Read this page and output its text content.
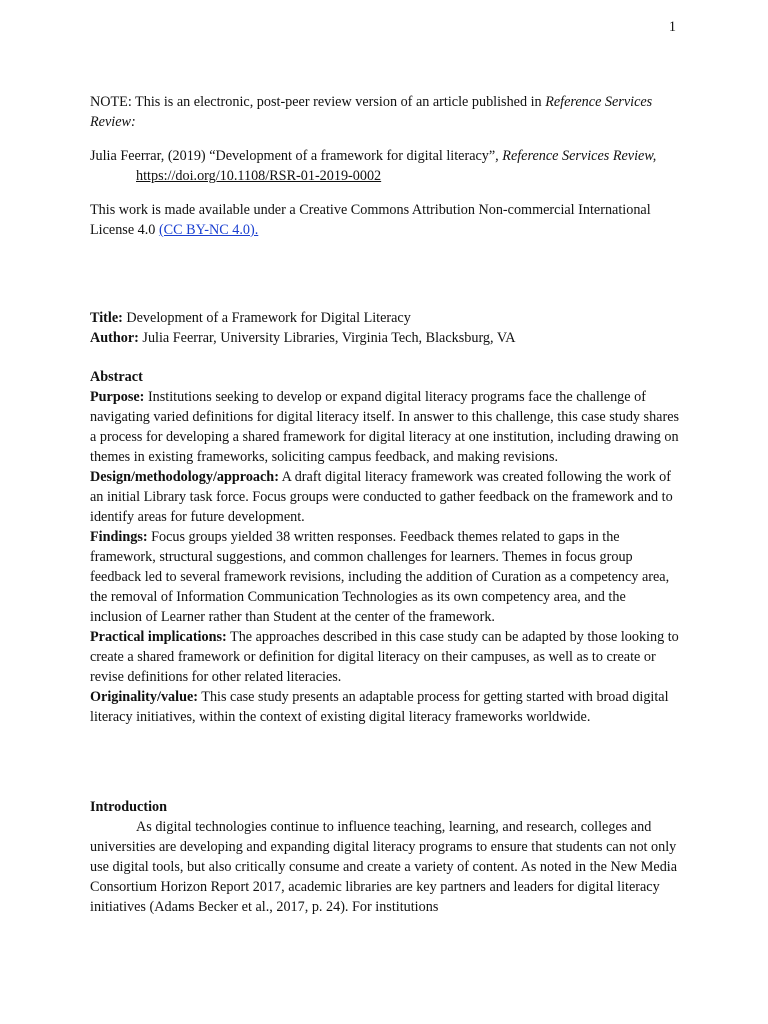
1
NOTE: This is an electronic, post-peer review version of an article published in Reference Services Review:
Julia Feerrar, (2019) “Development of a framework for digital literacy”, Reference Services Review, https://doi.org/10.1108/RSR-01-2019-0002
This work is made available under a Creative Commons Attribution Non-commercial International License 4.0 (CC BY-NC 4.0).
Title: Development of a Framework for Digital Literacy
Author: Julia Feerrar, University Libraries, Virginia Tech, Blacksburg, VA

Abstract

Purpose: Institutions seeking to develop or expand digital literacy programs face the challenge of navigating varied definitions for digital literacy itself. In answer to this challenge, this case study shares a process for developing a shared framework for digital literacy at one institution, including drawing on themes in existing frameworks, soliciting campus feedback, and making revisions.

Design/methodology/approach: A draft digital literacy framework was created following the work of an initial Library task force. Focus groups were conducted to gather feedback on the framework and to identify areas for future development.

Findings: Focus groups yielded 38 written responses. Feedback themes related to gaps in the framework, structural suggestions, and common challenges for learners. Themes in focus group feedback led to several framework revisions, including the addition of Curation as a competency area, the removal of Information Communication Technologies as its own competency area, and the inclusion of Learner rather than Student at the center of the framework.

Practical implications: The approaches described in this case study can be adapted by those looking to create a shared framework or definition for digital literacy on their campuses, as well as to create or revise definitions for other related literacies.

Originality/value: This case study presents an adaptable process for getting started with broad digital literacy initiatives, within the context of existing digital literacy frameworks worldwide.

Introduction

As digital technologies continue to influence teaching, learning, and research, colleges and universities are developing and expanding digital literacy programs to ensure that students can not only use digital tools, but also critically consume and create a variety of content. As noted in the New Media Consortium Horizon Report 2017, academic libraries are key partners and leaders for digital literacy initiatives (Adams Becker et al., 2017, p. 24). For institutions
